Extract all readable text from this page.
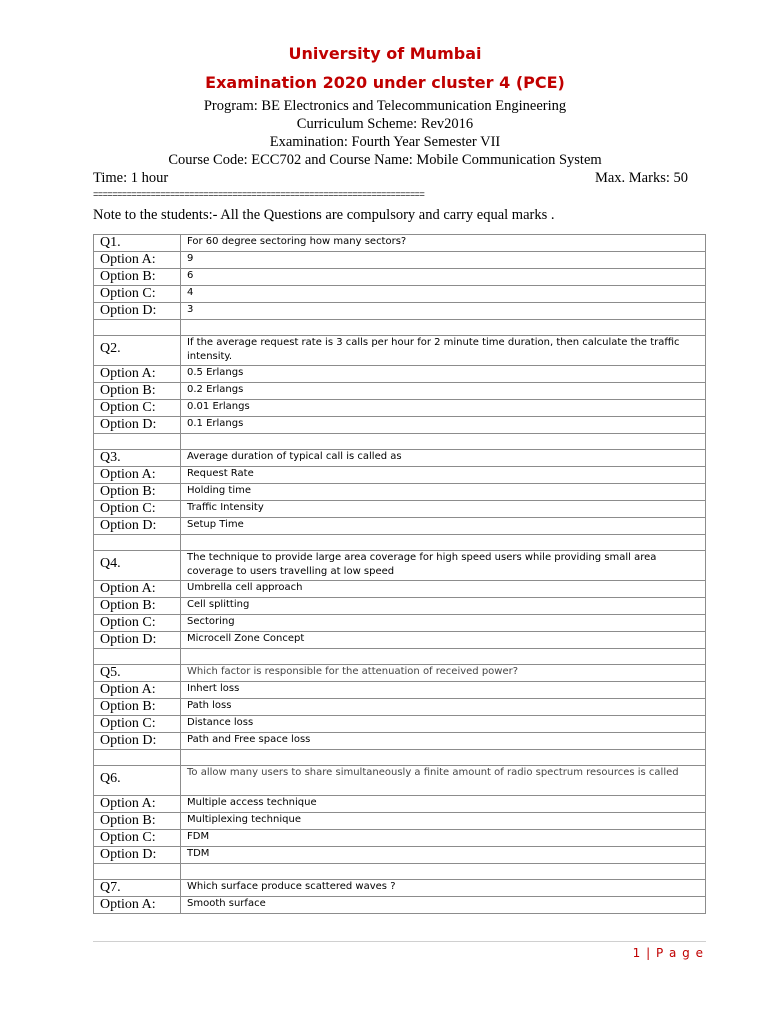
University of Mumbai
Examination 2020 under cluster 4 (PCE)
Program: BE Electronics and Telecommunication Engineering
Curriculum Scheme: Rev2016
Examination: Fourth Year Semester VII
Course Code: ECC702 and Course Name: Mobile Communication System
Time: 1 hour	Max. Marks: 50
=====================================================================
Note to the students:- All the Questions are compulsory and carry equal marks .
Q1.	For 60 degree sectoring how many sectors?
Option A:	9
Option B:	6
Option C:	4
Option D:	3

Q2.	If the average request rate is 3 calls per hour for 2 minute time duration, then calculate the traffic intensity.
Option A:	0.5 Erlangs
Option B:	0.2 Erlangs
Option C:	0.01 Erlangs
Option D:	0.1 Erlangs

Q3.	Average duration of typical call is called as
Option A:	Request Rate
Option B:	Holding time
Option C:	Traffic Intensity
Option D:	Setup Time

Q4.	The technique to provide large area coverage for high speed users while providing small area coverage to users travelling at low speed
Option A:	Umbrella cell approach
Option B:	Cell splitting
Option C:	Sectoring
Option D:	Microcell Zone Concept

Q5.	Which factor is responsible for the attenuation of received power?
Option A:	Inhert loss
Option B:	Path loss
Option C:	Distance loss
Option D:	Path and Free space loss

Q6.	To allow many users to share simultaneously a finite amount of radio spectrum resources is called
Option A:	Multiple access technique
Option B:	Multiplexing technique
Option C:	FDM
Option D:	TDM

Q7.	Which surface produce scattered waves ?
Option A:	Smooth surface
1 | P a g e
